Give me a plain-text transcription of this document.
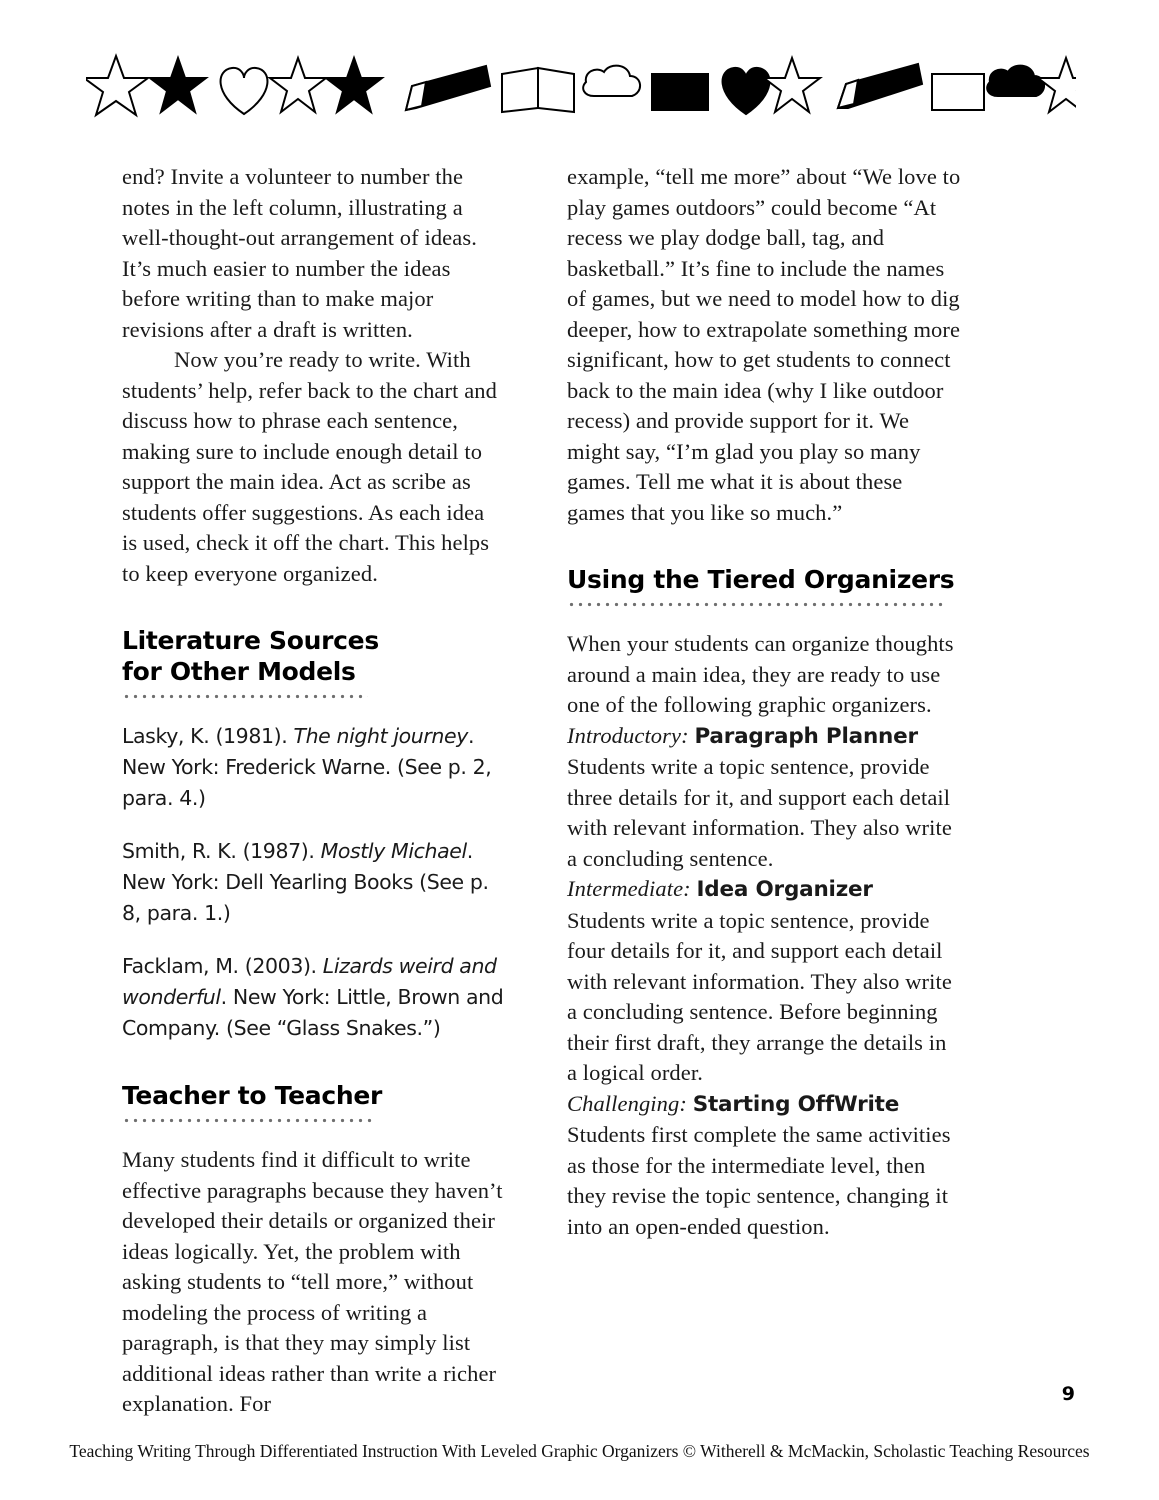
end? Invite a volunteer to number the notes in the left column, illustrating a well-thought-out arrangement of ideas. It’s much easier to number the ideas before writing than to make major revisions after a draft is written.

Now you’re ready to write. With students’ help, refer back to the chart and discuss how to phrase each sentence, making sure to include enough detail to support the main idea. Act as scribe as students offer suggestions. As each idea is used, check it off the chart. This helps to keep everyone organized.

Literature Sources
for Other Models

Lasky, K. (1981). The night journey. New York: Frederick Warne. (See p. 2, para. 4.)

Smith, R. K. (1987). Mostly Michael. New York: Dell Yearling Books (See p. 8, para. 1.)

Facklam, M. (2003). Lizards weird and wonderful. New York: Little, Brown and Company. (See “Glass Snakes.”)

Teacher to Teacher

Many students find it difficult to write effective paragraphs because they haven’t developed their details or organized their ideas logically. Yet, the problem with asking students to “tell more,” without modeling the process of writing a paragraph, is that they may simply list additional ideas rather than write a richer explanation. For

example, “tell me more” about “We love to play games outdoors” could become “At recess we play dodge ball, tag, and basketball.” It’s fine to include the names of games, but we need to model how to dig deeper, how to extrapolate something more significant, how to get students to connect back to the main idea (why I like outdoor recess) and provide support for it. We might say, “I’m glad you play so many games. Tell me what it is about these games that you like so much.”

Using the Tiered Organizers

When your students can organize thoughts around a main idea, they are ready to use one of the following graphic organizers.

Introductory: Paragraph Planner
Students write a topic sentence, provide three details for it, and support each detail with relevant information. They also write a concluding sentence.

Intermediate: Idea Organizer
Students write a topic sentence, provide four details for it, and support each detail with relevant information. They also write a concluding sentence. Before beginning their first draft, they arrange the details in a logical order.

Challenging: Starting OffWrite
Students first complete the same activities as those for the intermediate level, then they revise the topic sentence, changing it into an open-ended question.

9
Teaching Writing Through Differentiated Instruction With Leveled Graphic Organizers © Witherell & McMackin, Scholastic Teaching Resources
